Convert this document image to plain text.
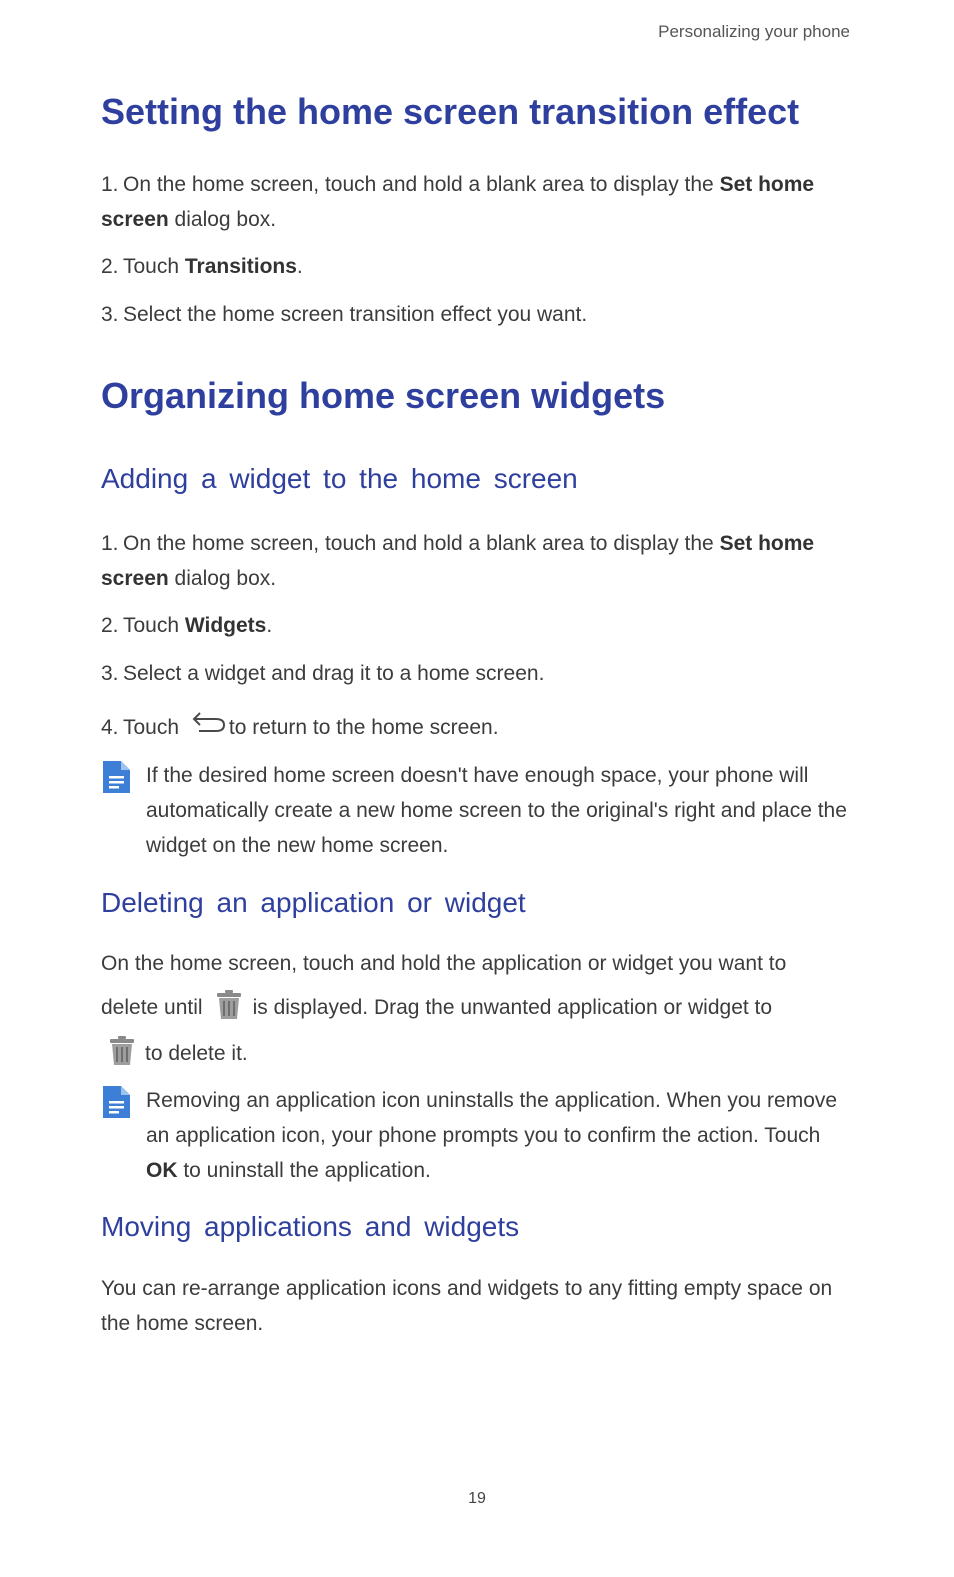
Personalizing your phone
Setting the home screen transition effect
1. On the home screen, touch and hold a blank area to display the Set home screen dialog box.
2. Touch Transitions.
3. Select the home screen transition effect you want.
Organizing home screen widgets
Adding a widget to the home screen
1. On the home screen, touch and hold a blank area to display the Set home screen dialog box.
2. Touch Widgets.
3. Select a widget and drag it to a home screen.
4. Touch to return to the home screen.
If the desired home screen doesn't have enough space, your phone will automatically create a new home screen to the original's right and place the widget on the new home screen.
Deleting an application or widget
On the home screen, touch and hold the application or widget you want to
delete until is displayed. Drag the unwanted application or widget to
to delete it.
Removing an application icon uninstalls the application. When you remove an application icon, your phone prompts you to confirm the action. Touch OK to uninstall the application.
Moving applications and widgets
You can re-arrange application icons and widgets to any fitting empty space on the home screen.
19
